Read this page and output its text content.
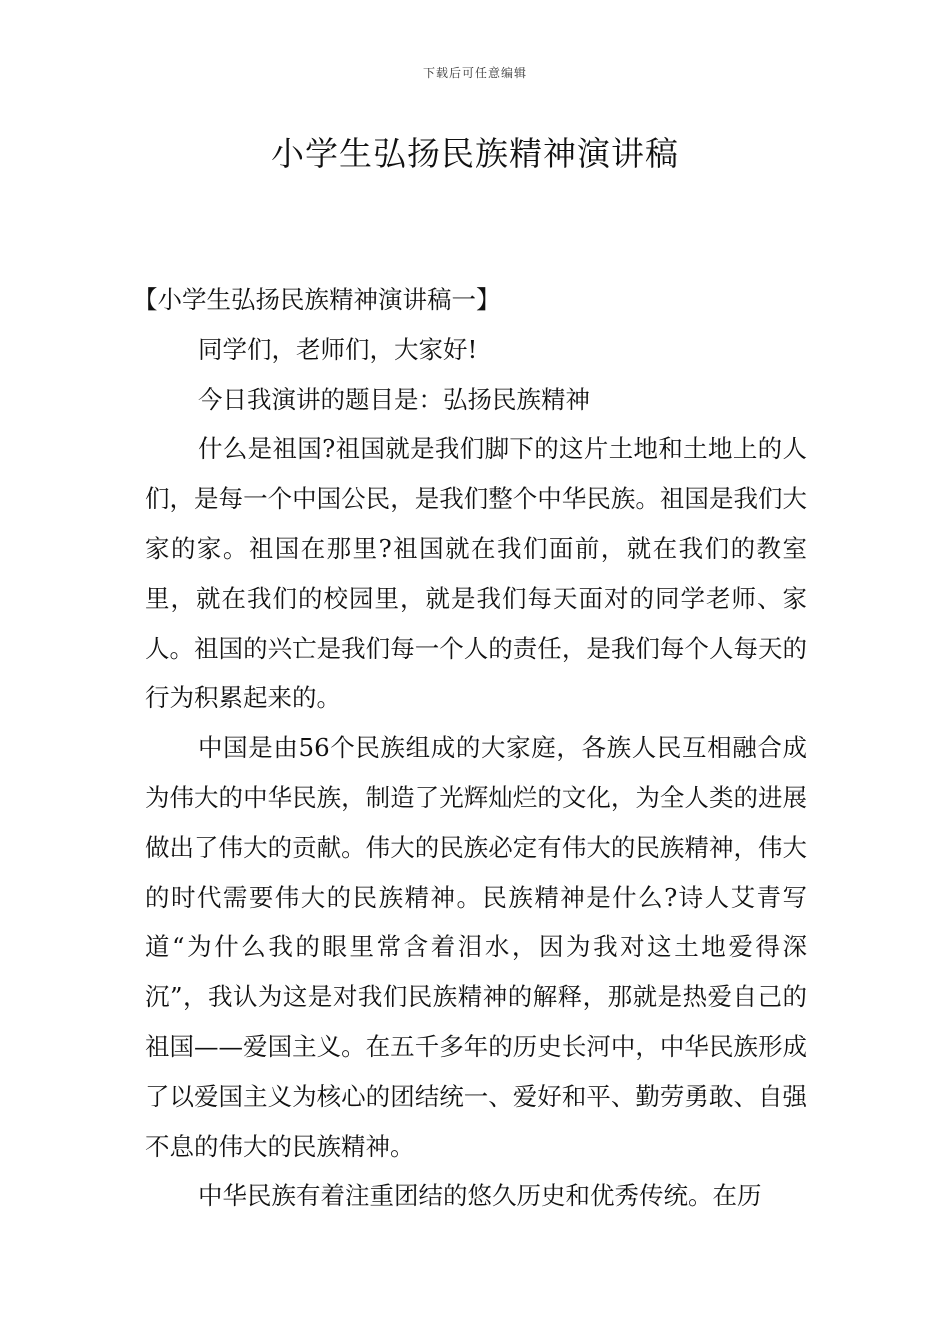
下载后可任意编辑
小学生弘扬民族精神演讲稿

【小学生弘扬民族精神演讲稿一】

同学们，老师们，大家好!

今日我演讲的题目是：弘扬民族精神

什么是祖国?祖国就是我们脚下的这片土地和土地上的人们，是每一个中国公民，是我们整个中华民族。祖国是我们大家的家。祖国在那里?祖国就在我们面前，就在我们的教室里，就在我们的校园里，就是我们每天面对的同学老师、家人。祖国的兴亡是我们每一个人的责任，是我们每个人每天的行为积累起来的。

中国是由56个民族组成的大家庭，各族人民互相融合成为伟大的中华民族，制造了光辉灿烂的文化，为全人类的进展做出了伟大的贡献。伟大的民族必定有伟大的民族精神，伟大的时代需要伟大的民族精神。民族精神是什么?诗人艾青写道“为什么我的眼里常含着泪水，因为我对这土地爱得深沉”，我认为这是对我们民族精神的解释，那就是热爱自己的祖国——爱国主义。在五千多年的历史长河中，中华民族形成了以爱国主义为核心的团结统一、爱好和平、勤劳勇敢、自强不息的伟大的民族精神。

中华民族有着注重团结的悠久历史和优秀传统。在历
